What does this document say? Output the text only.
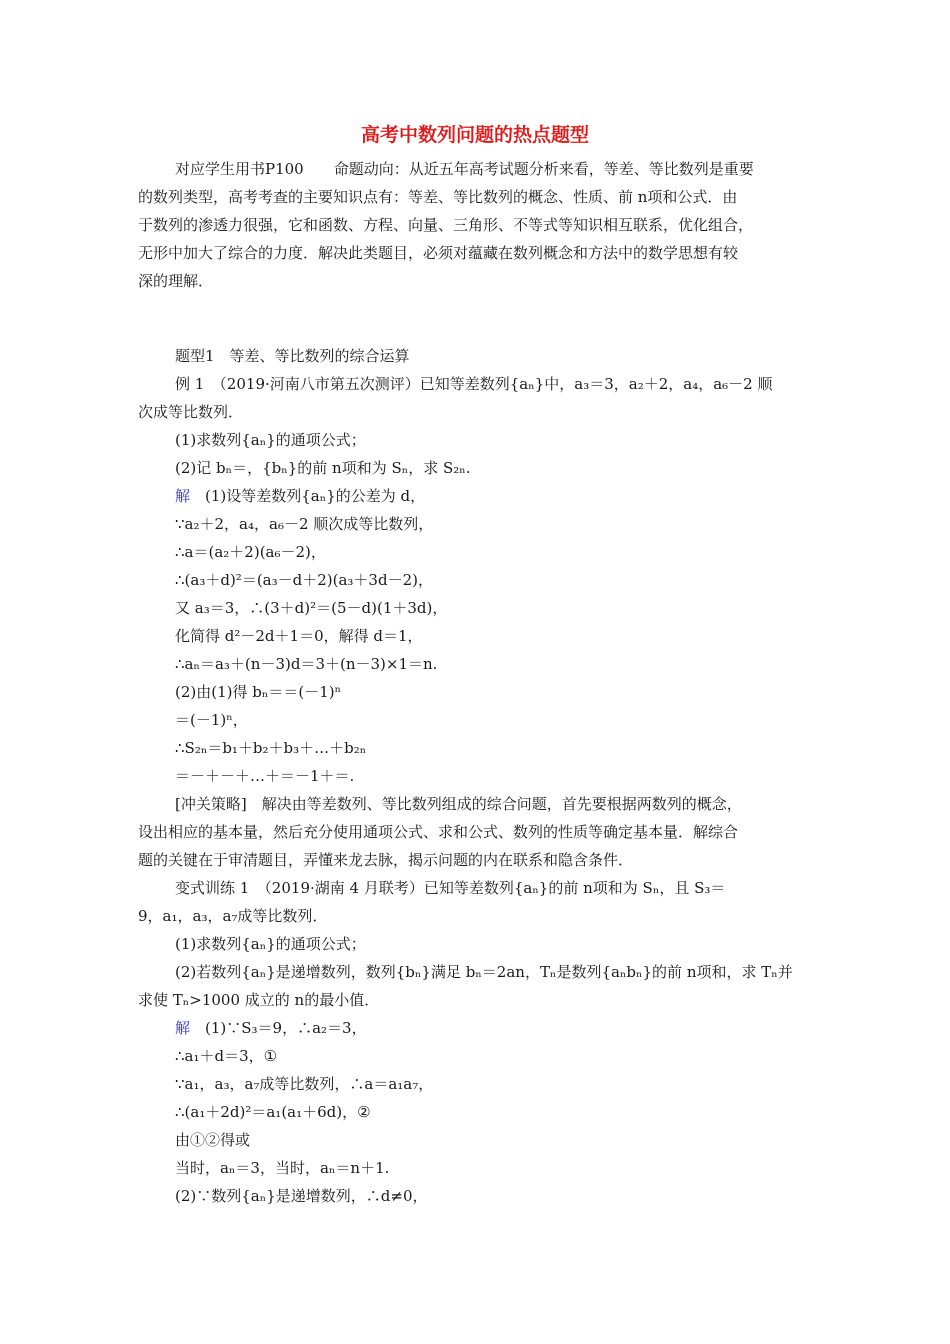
高考中数列问题的热点题型
对应学生用书P100　　命题动向：从近五年高考试题分析来看，等差、等比数列是重要
的数列类型，高考考查的主要知识点有：等差、等比数列的概念、性质、前 n项和公式．由
于数列的渗透力很强，它和函数、方程、向量、三角形、不等式等知识相互联系，优化组合，
无形中加大了综合的力度．解决此类题目，必须对蕴藏在数列概念和方法中的数学思想有较
深的理解．
题型1　等差、等比数列的综合运算
例 1　（2019·河南八市第五次测评）已知等差数列{aₙ}中，a₃＝3，a₂＋2，a₄，a₆－2 顺
次成等比数列．
(1)求数列{aₙ}的通项公式；
(2)记 bₙ＝，{bₙ}的前 n项和为 Sₙ，求 S₂ₙ.
解　(1)设等差数列{aₙ}的公差为 d，
∵a₂＋2，a₄，a₆－2 顺次成等比数列，
∴a＝(a₂＋2)(a₆－2)，
∴(a₃＋d)²＝(a₃－d＋2)(a₃＋3d－2)，
又 a₃＝3，∴(3＋d)²＝(5－d)(1＋3d)，
化简得 d²－2d＋1＝0，解得 d＝1，
∴aₙ＝a₃＋(n－3)d＝3＋(n－3)×1＝n.
(2)由(1)得 bₙ＝＝(－1)ⁿ
＝(－1)ⁿ，
∴S₂ₙ＝b₁＋b₂＋b₃＋…＋b₂ₙ
＝－＋－＋…＋＝－1＋＝.
[冲关策略]　解决由等差数列、等比数列组成的综合问题，首先要根据两数列的概念，
设出相应的基本量，然后充分使用通项公式、求和公式、数列的性质等确定基本量．解综合
题的关键在于审清题目，弄懂来龙去脉，揭示问题的内在联系和隐含条件．
变式训练 1　（2019·湖南 4 月联考）已知等差数列{aₙ}的前 n项和为 Sₙ，且 S₃＝
9，a₁，a₃，a₇成等比数列．
(1)求数列{aₙ}的通项公式；
(2)若数列{aₙ}是递增数列，数列{bₙ}满足 bₙ＝2an，Tₙ是数列{aₙbₙ}的前 n项和，求 Tₙ并
求使 Tₙ>1000 成立的 n的最小值．
解　(1)∵S₃＝9，∴a₂＝3，
∴a₁＋d＝3，①
∵a₁，a₃，a₇成等比数列，∴a＝a₁a₇，
∴(a₁＋2d)²＝a₁(a₁＋6d)，②
由①②得或
当时，aₙ＝3，当时，aₙ＝n＋1.
(2)∵数列{aₙ}是递增数列，∴d≠0，
